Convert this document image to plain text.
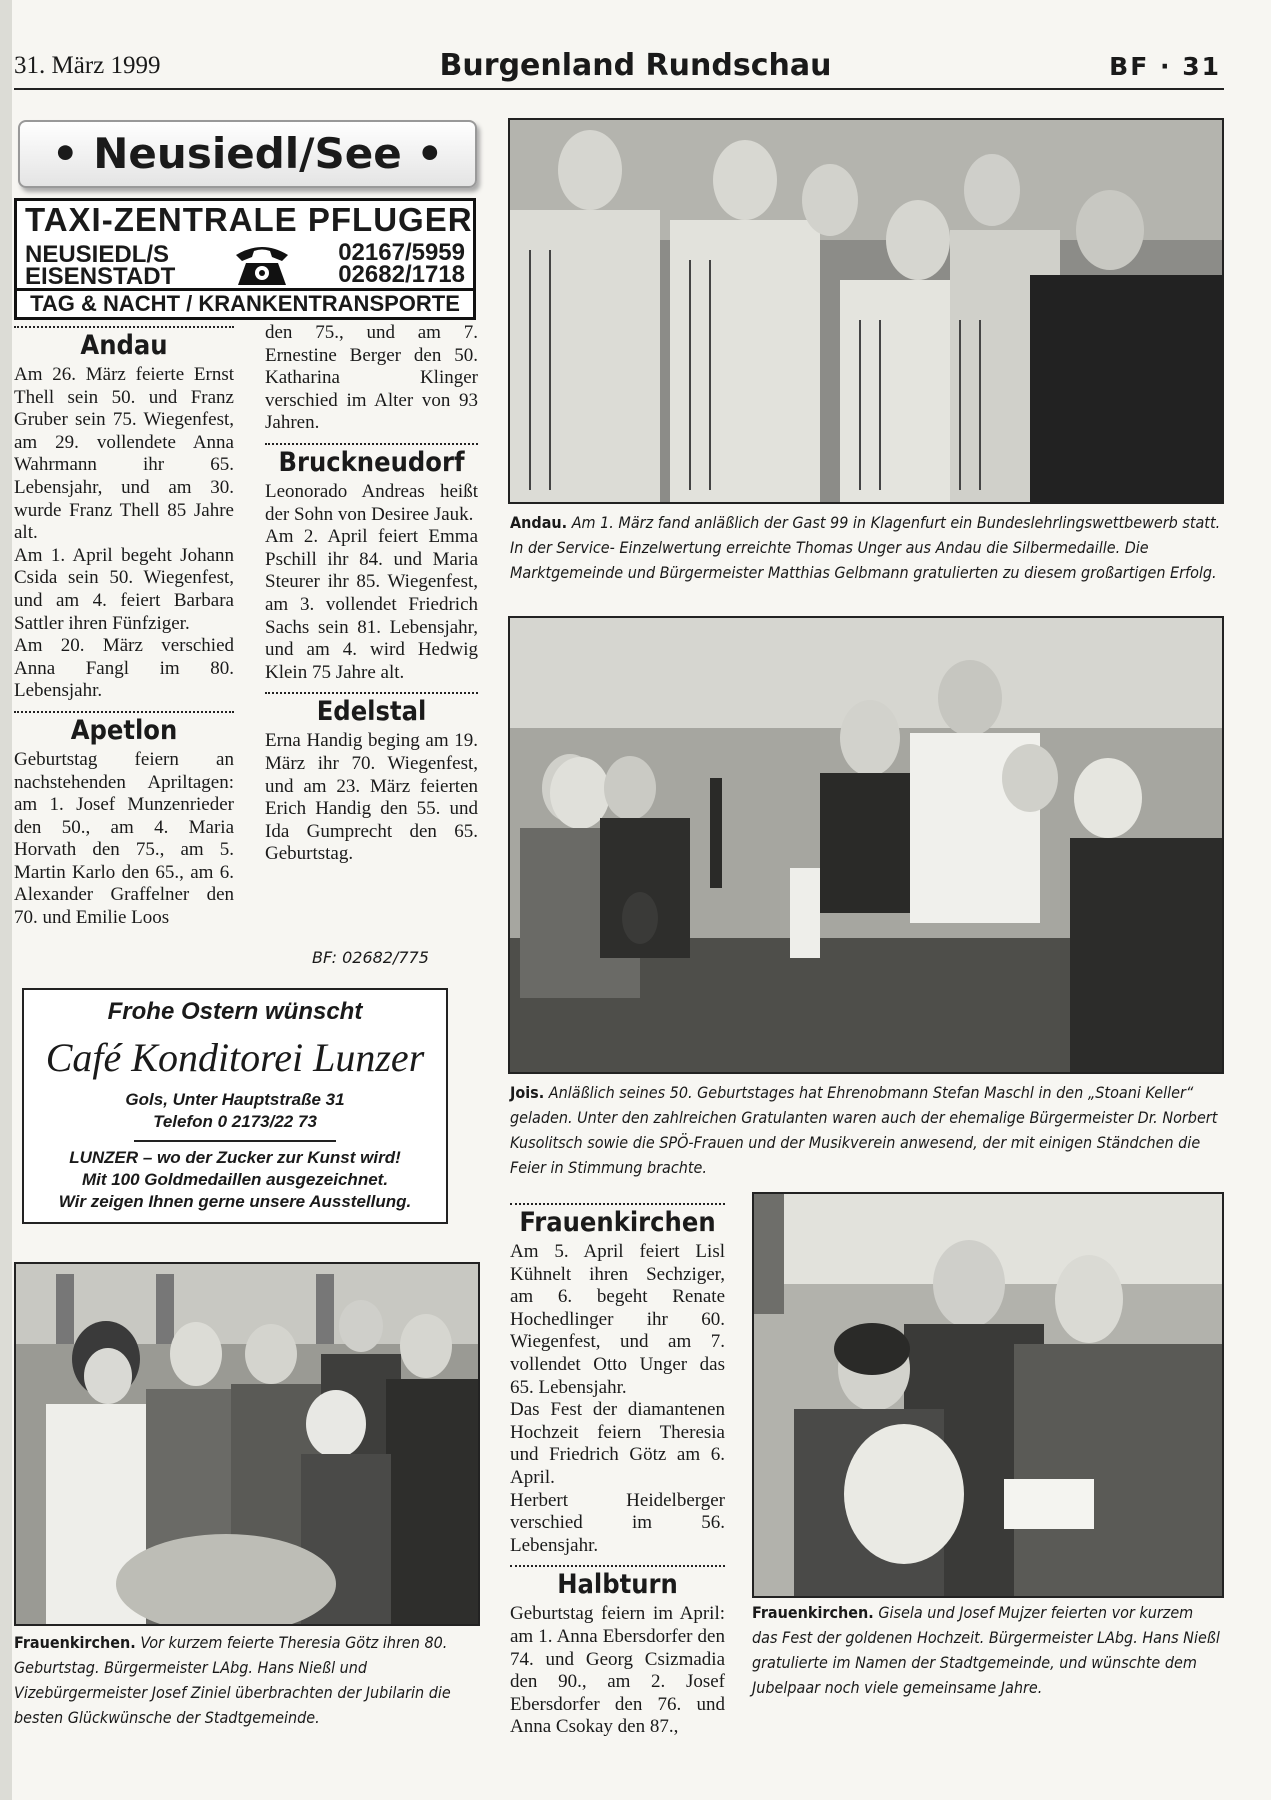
31. März 1999	Burgenland Rundschau	BF · 31
• Neusiedl/See •
TAXI-ZENTRALE PFLUGER
NEUSIEDL/S
EISENSTADT
02167/5959
02682/1718
TAG & NACHT / KRANKENTRANSPORTE
Andau

Am 26. März feierte Ernst Thell sein 50. und Franz Gruber sein 75. Wiegenfest, am 29. vollendete Anna Wahrmann ihr 65. Lebensjahr, und am 30. wurde Franz Thell 85 Jahre alt.

Am 1. April begeht Johann Csida sein 50. Wiegenfest, und am 4. feiert Barbara Sattler ihren Fünfziger.

Am 20. März verschied Anna Fangl im 80. Lebensjahr.

Apetlon

Geburtstag feiern an nachstehenden Apriltagen: am 1. Josef Munzenrieder den 50., am 4. Maria Horvath den 75., am 5. Martin Karlo den 65., am 6. Alexander Graffelner den 70. und Emilie Loos

den 75., und am 7. Ernestine Berger den 50. Katharina Klinger verschied im Alter von 93 Jahren.

Bruckneudorf

Leonorado Andreas heißt der Sohn von Desiree Jauk.

Am 2. April feiert Emma Pschill ihr 84. und Maria Steurer ihr 85. Wiegenfest, am 3. vollendet Friedrich Sachs sein 81. Lebensjahr, und am 4. wird Hedwig Klein 75 Jahre alt.

Edelstal

Erna Handig beging am 19. März ihr 70. Wiegenfest, und am 23. März feierten Erich Handig den 55. und Ida Gumprecht den 65. Geburtstag.

BF: 02682/775
Frohe Ostern wünscht
Café Konditorei Lunzer
Gols, Unter Hauptstraße 31
Telefon 0 2173/22 73
LUNZER – wo der Zucker zur Kunst wird!
Mit 100 Goldmedaillen ausgezeichnet.
Wir zeigen Ihnen gerne unsere Ausstellung.
Frauenkirchen. Vor kurzem feierte Theresia Götz ihren 80. Geburtstag. Bürgermeister LAbg. Hans Nießl und Vizebürgermeister Josef Ziniel überbrachten der Jubilarin die besten Glückwünsche der Stadtgemeinde.
Andau. Am 1. März fand anläßlich der Gast 99 in Klagenfurt ein Bundeslehrlingswettbewerb statt. In der Service- Einzelwertung erreichte Thomas Unger aus Andau die Silbermedaille. Die Marktgemeinde und Bürgermeister Matthias Gelbmann gratulierten zu diesem großartigen Erfolg.
Jois. Anläßlich seines 50. Geburtstages hat Ehrenobmann Stefan Maschl in den „Stoani Keller“ geladen. Unter den zahlreichen Gratulanten waren auch der ehemalige Bürgermeister Dr. Norbert Kusolitsch sowie die SPÖ-Frauen und der Musikverein anwesend, der mit einigen Ständchen die Feier in Stimmung brachte.
Frauenkirchen

Am 5. April feiert Lisl Kühnelt ihren Sechziger, am 6. begeht Renate Hochedlinger ihr 60. Wiegenfest, und am 7. vollendet Otto Unger das 65. Lebensjahr.

Das Fest der diamantenen Hochzeit feiern Theresia und Friedrich Götz am 6. April.

Herbert Heidelberger verschied im 56. Lebensjahr.

Halbturn

Geburtstag feiern im April: am 1. Anna Ebersdorfer den 74. und Georg Csizmadia den 90., am 2. Josef Ebersdorfer den 76. und Anna Csokay den 87.,

Frauenkirchen. Gisela und Josef Mujzer feierten vor kurzem das Fest der goldenen Hochzeit. Bürgermeister LAbg. Hans Nießl gratulierte im Namen der Stadtgemeinde, und wünschte dem Jubelpaar noch viele gemeinsame Jahre.
